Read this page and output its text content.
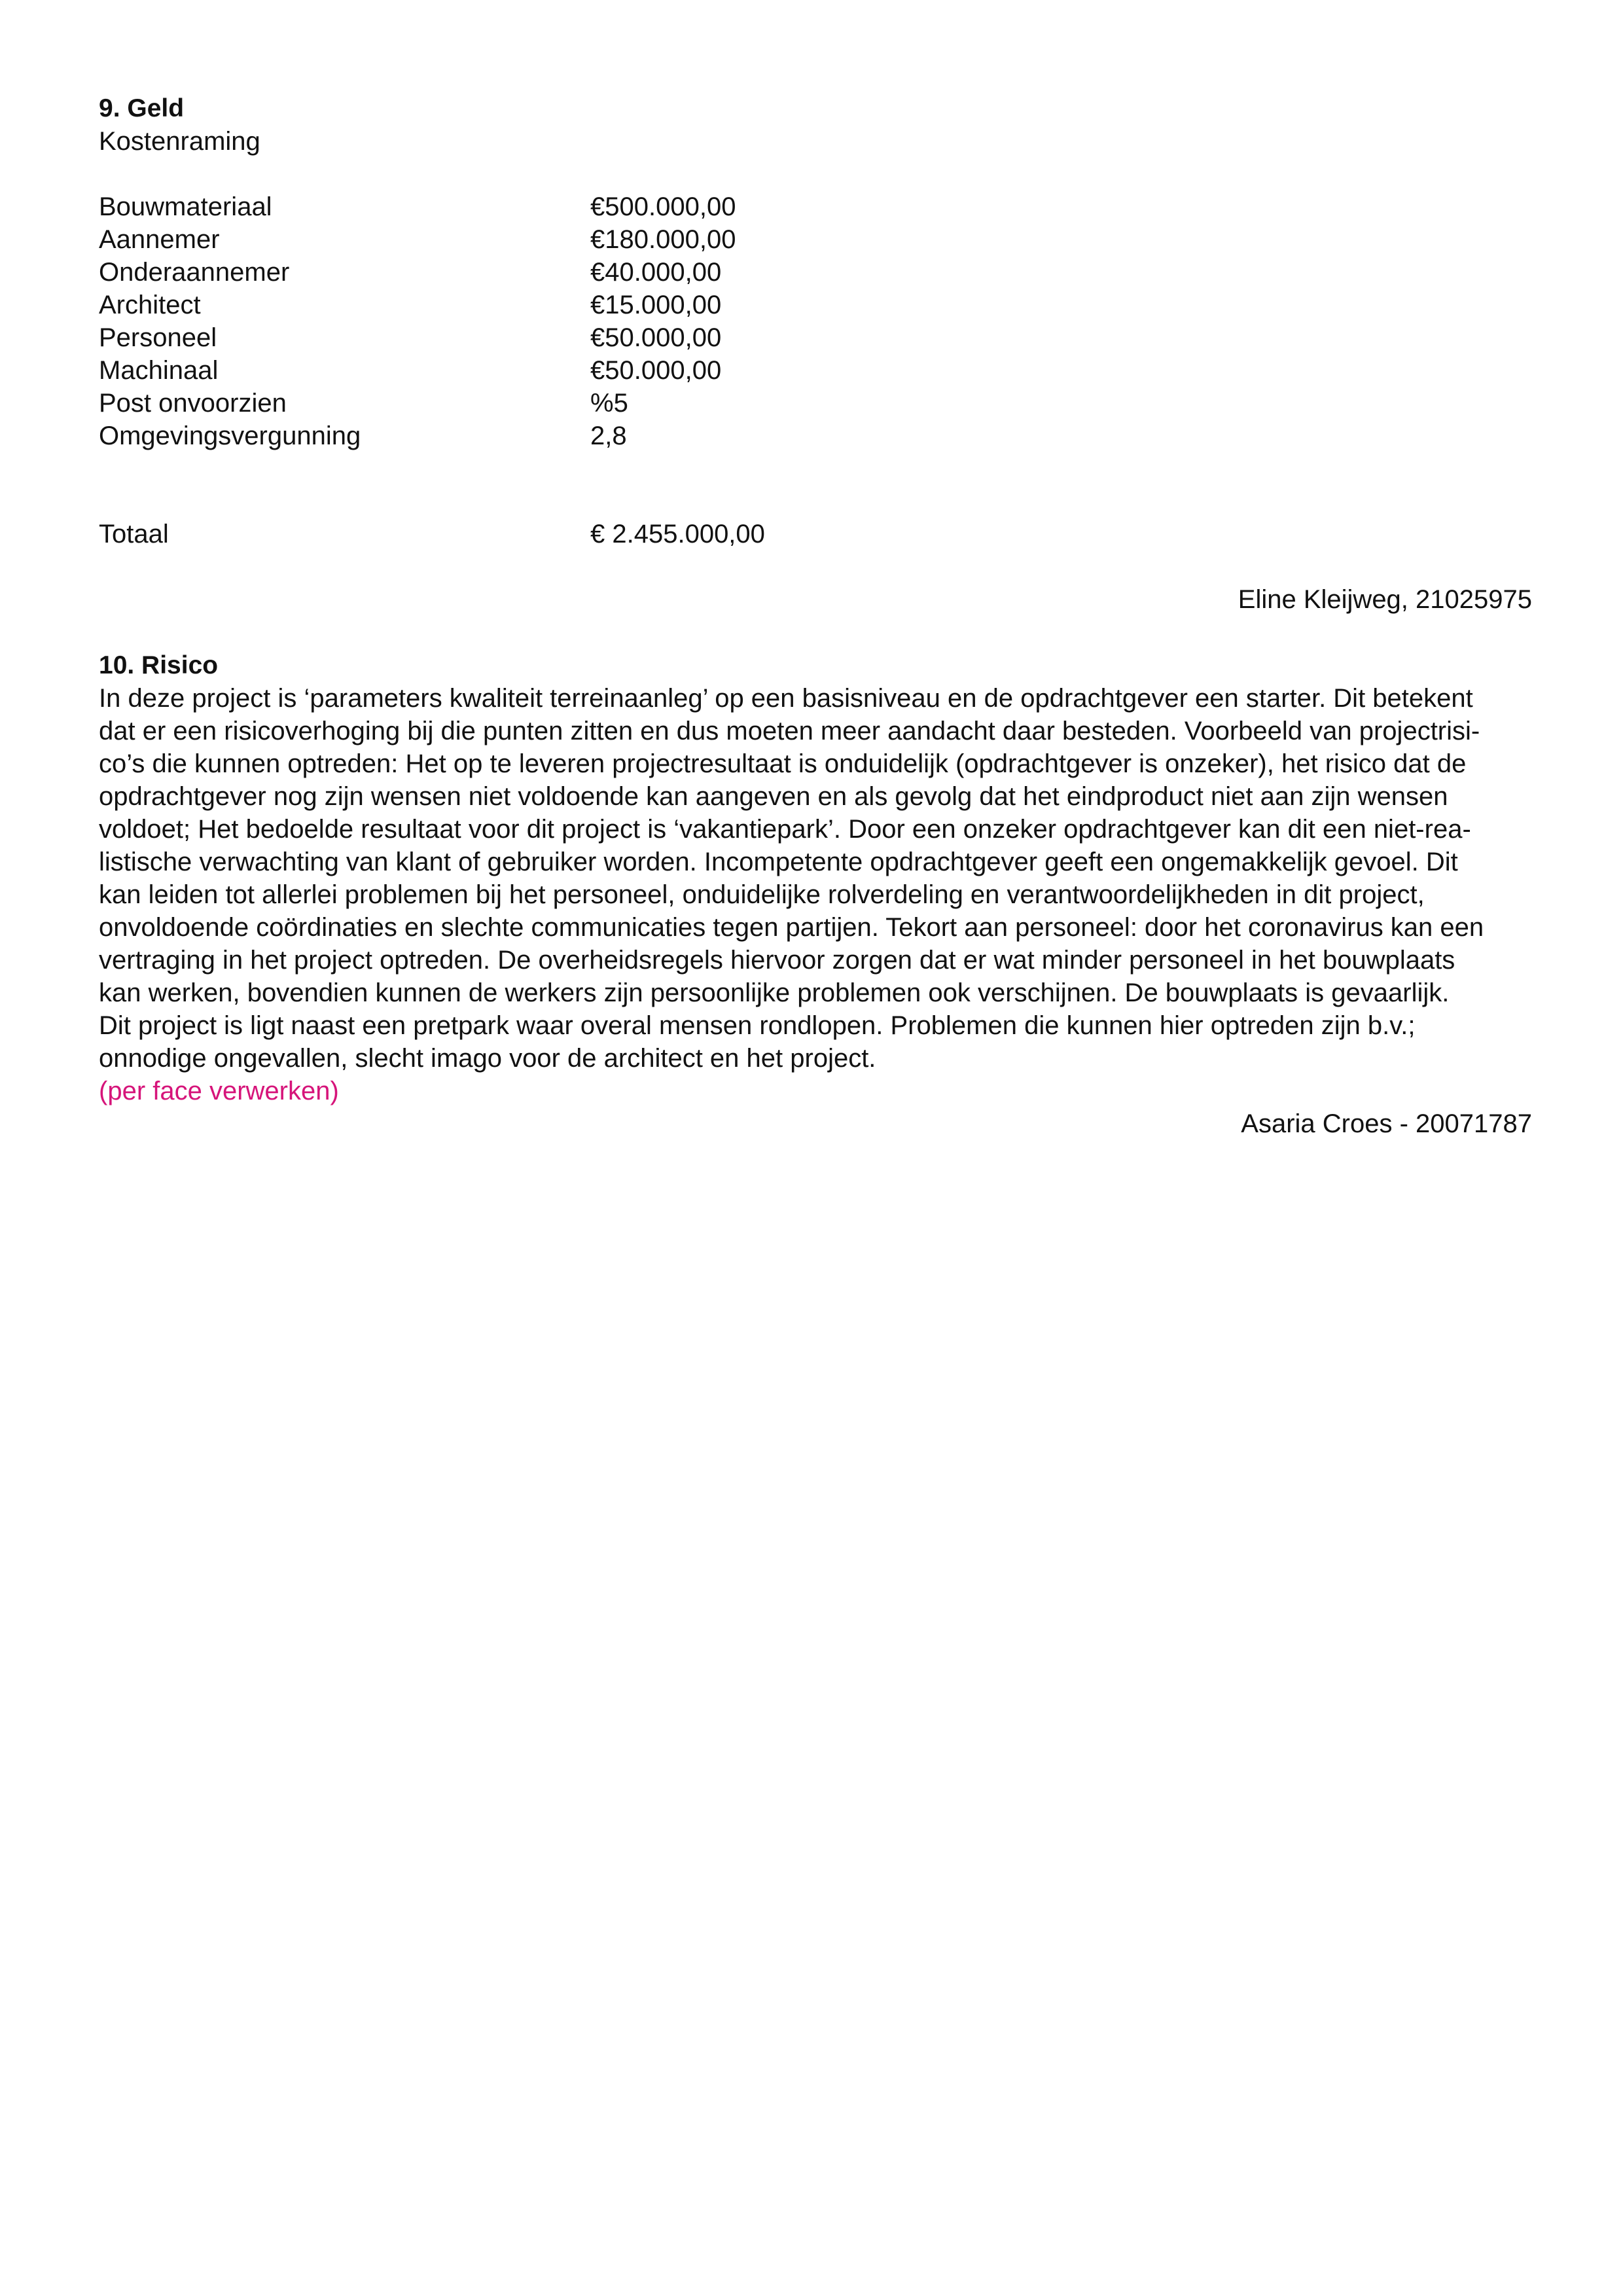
9. Geld

Kostenraming

Bouwmateriaal	€500.000,00
Aannemer	€180.000,00
Onderaannemer	€40.000,00
Architect	€15.000,00
Personeel	€50.000,00
Machinaal	€50.000,00
Post onvoorzien	%5
Omgevingsvergunning	2,8
Totaal	€ 2.455.000,00
Eline Kleijweg, 21025975

10. Risico

In deze project is ‘parameters kwaliteit terreinaanleg’ op een basisniveau en de opdrachtgever een starter. Dit betekent

dat er een risicoverhoging bij die punten zitten en dus moeten meer aandacht daar besteden. Voorbeeld van projectrisi-

co’s die kunnen optreden: Het op te leveren projectresultaat is onduidelijk (opdrachtgever is onzeker), het risico dat de

opdrachtgever nog zijn wensen niet voldoende kan aangeven en als gevolg dat het eindproduct niet aan zijn wensen

voldoet; Het bedoelde resultaat voor dit project is ‘vakantiepark’. Door een onzeker opdrachtgever kan dit een niet-rea-

listische verwachting van klant of gebruiker worden. Incompetente opdrachtgever geeft een ongemakkelijk gevoel. Dit

kan leiden tot allerlei problemen bij het personeel, onduidelijke rolverdeling en verantwoordelijkheden in dit project,

onvoldoende coördinaties en slechte communicaties tegen partijen. Tekort aan personeel: door het coronavirus kan een

vertraging in het project optreden. De overheidsregels hiervoor zorgen dat er wat minder personeel in het bouwplaats

kan werken, bovendien kunnen de werkers zijn persoonlijke problemen ook verschijnen. De bouwplaats is gevaarlijk.

Dit project is ligt naast een pretpark waar overal mensen rondlopen. Problemen die kunnen hier optreden zijn b.v.;

onnodige ongevallen, slecht imago voor de architect en het project.

(per face verwerken)

Asaria Croes - 20071787
